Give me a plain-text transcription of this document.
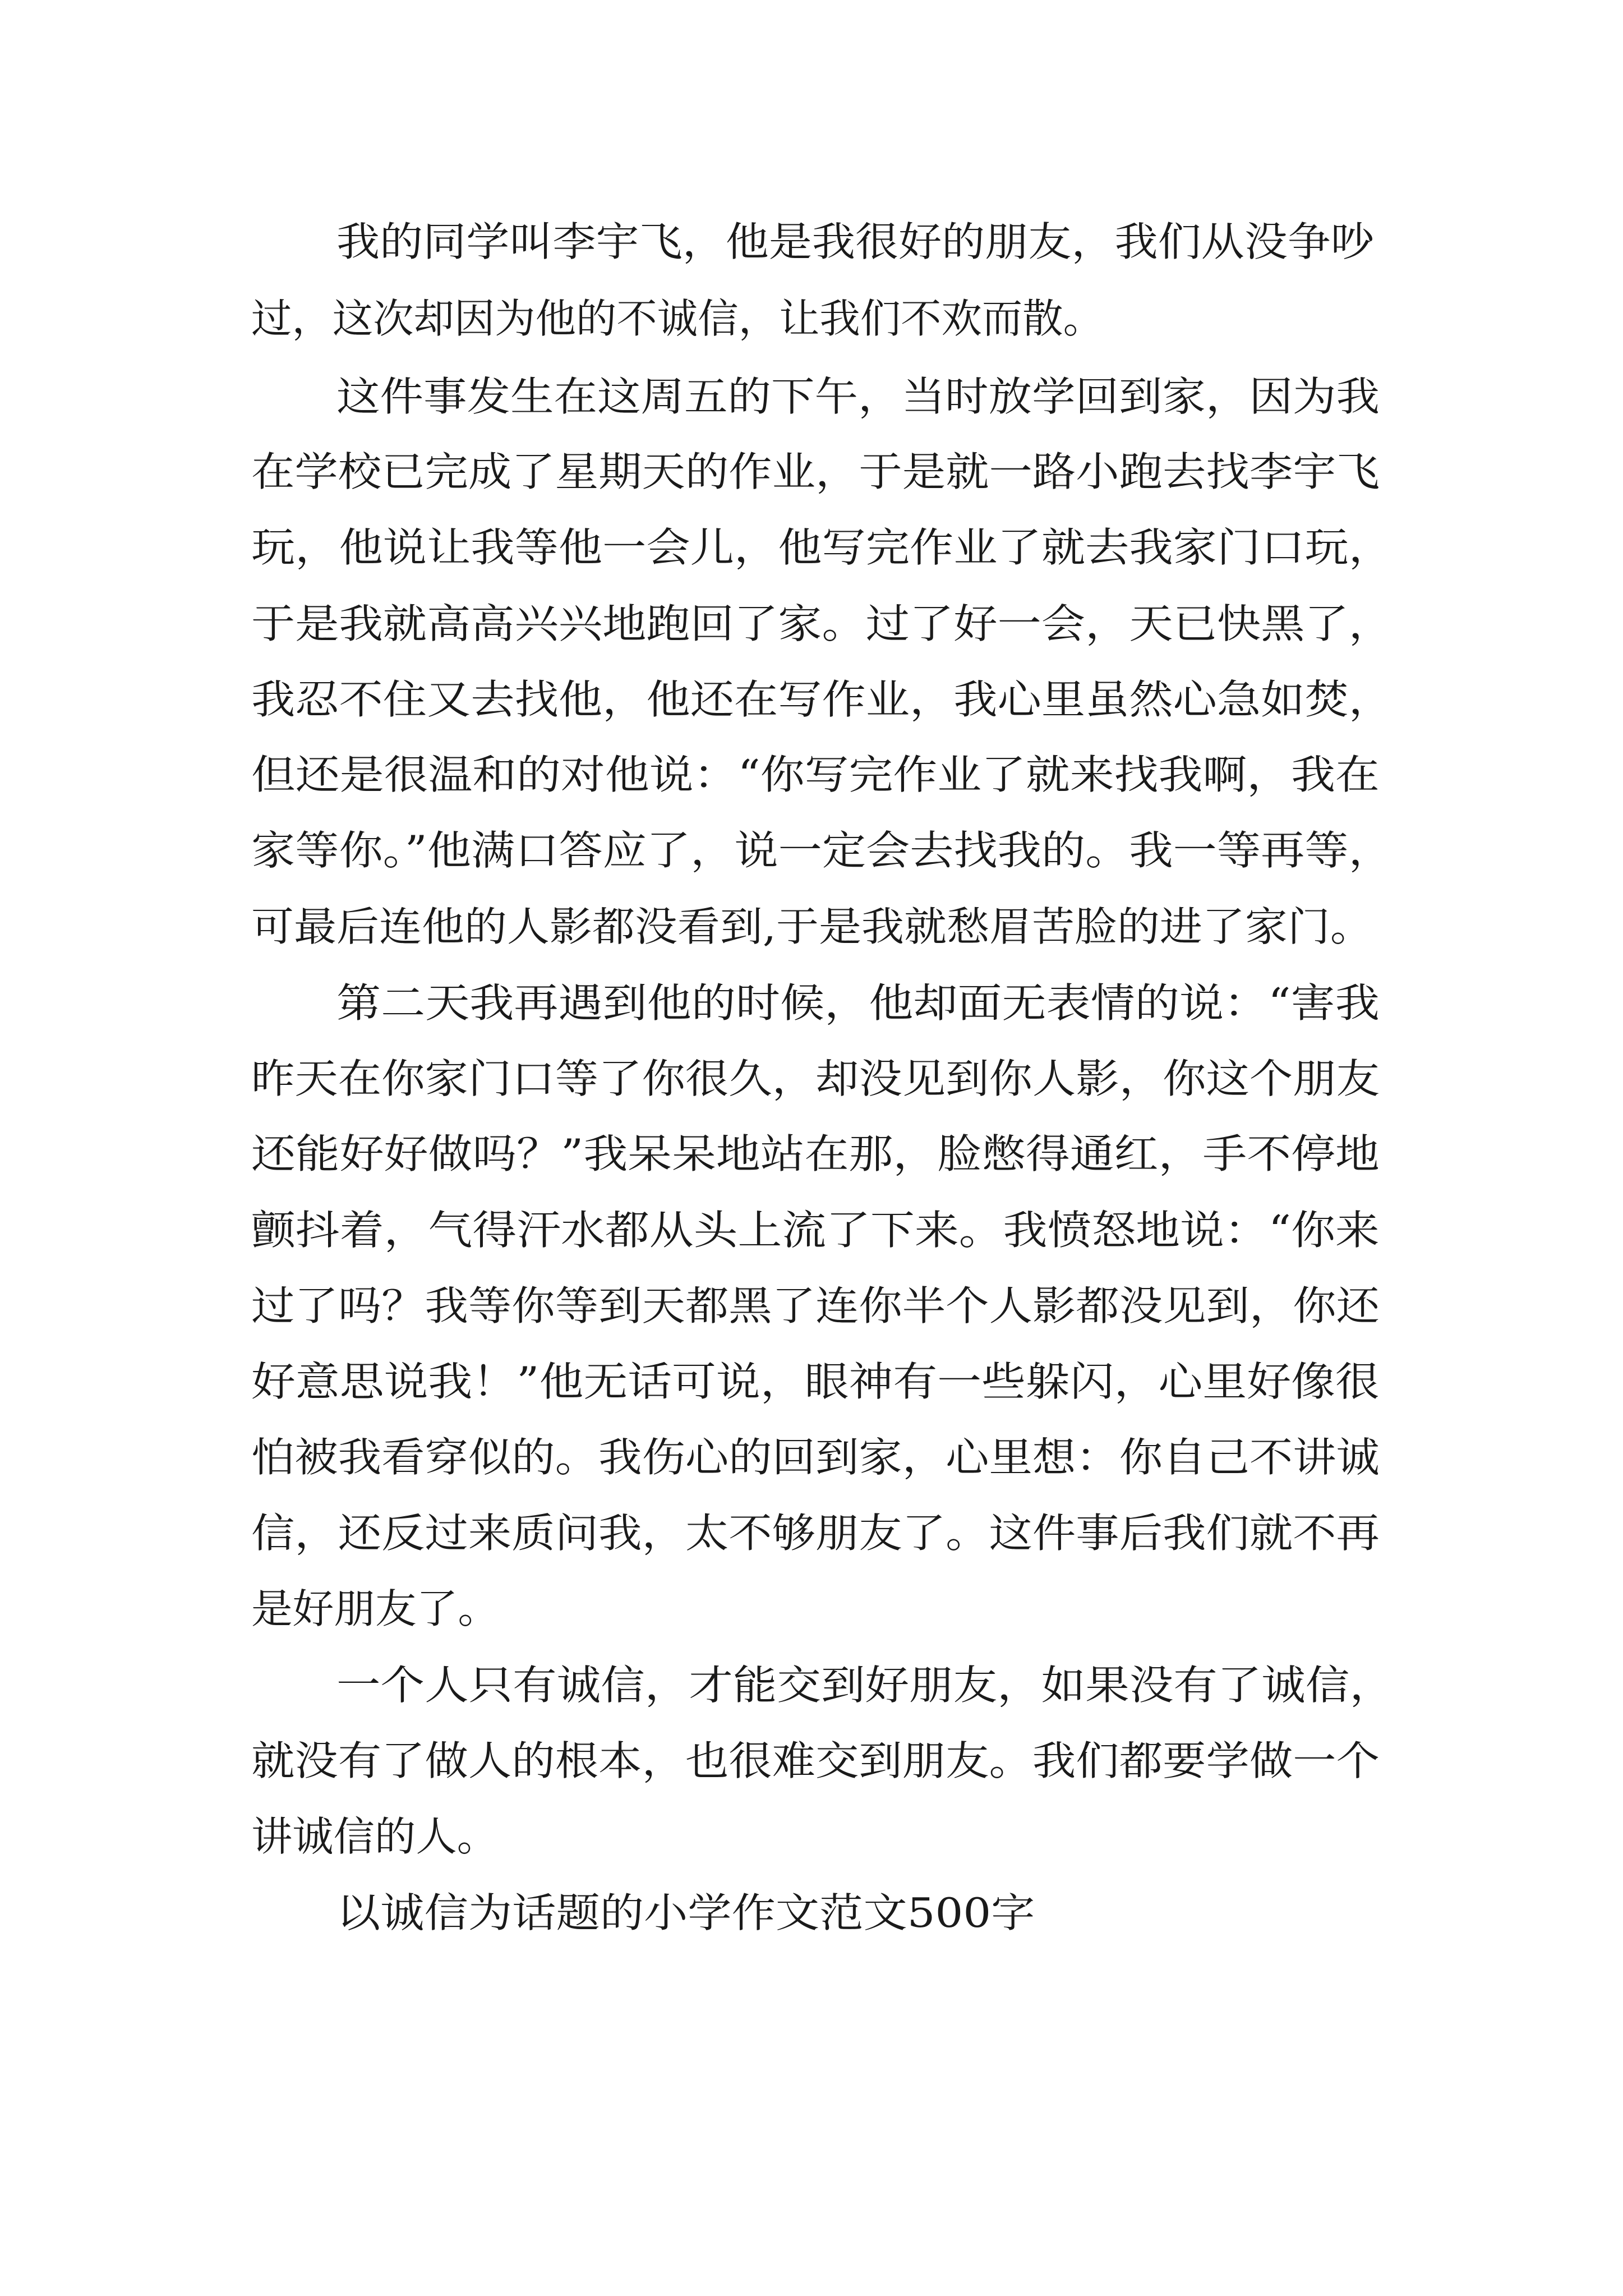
我的同学叫李宇飞，他是我很好的朋友，我们从没争吵
过，这次却因为他的不诚信，让我们不欢而散。
这件事发生在这周五的下午，当时放学回到家，因为我
在学校已完成了星期天的作业，于是就一路小跑去找李宇飞
玩，他说让我等他一会儿，他写完作业了就去我家门口玩，
于是我就高高兴兴地跑回了家。过了好一会，天已快黑了，
我忍不住又去找他，他还在写作业，我心里虽然心急如焚，
但还是很温和的对他说：“你写完作业了就来找我啊，我在
家等你。”他满口答应了，说一定会去找我的。我一等再等，
可最后连他的人影都没看到,于是我就愁眉苦脸的进了家门。
第二天我再遇到他的时候，他却面无表情的说：“害我
昨天在你家门口等了你很久，却没见到你人影，你这个朋友
还能好好做吗？”我呆呆地站在那，脸憋得通红，手不停地
颤抖着，气得汗水都从头上流了下来。我愤怒地说：“你来
过了吗？我等你等到天都黑了连你半个人影都没见到，你还
好意思说我！”他无话可说，眼神有一些躲闪，心里好像很
怕被我看穿似的。我伤心的回到家，心里想：你自己不讲诚
信，还反过来质问我，太不够朋友了。这件事后我们就不再
是好朋友了。
一个人只有诚信，才能交到好朋友，如果没有了诚信，
就没有了做人的根本，也很难交到朋友。我们都要学做一个
讲诚信的人。
以诚信为话题的小学作文范文500字
